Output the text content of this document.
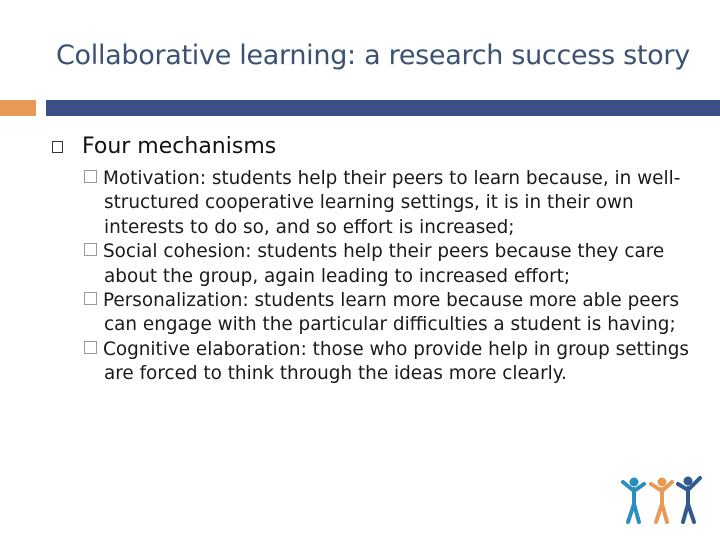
Collaborative learning: a research success story
Four mechanisms
Motivation: students help their peers to learn because, in well-structured cooperative learning settings, it is in their own interests to do so, and so effort is increased;
Social cohesion: students help their peers because they care about the group, again leading to increased effort;
Personalization: students learn more because more able peers can engage with the particular difficulties a student is having;
Cognitive elaboration: those who provide help in group settings are forced to think through the ideas more clearly.
